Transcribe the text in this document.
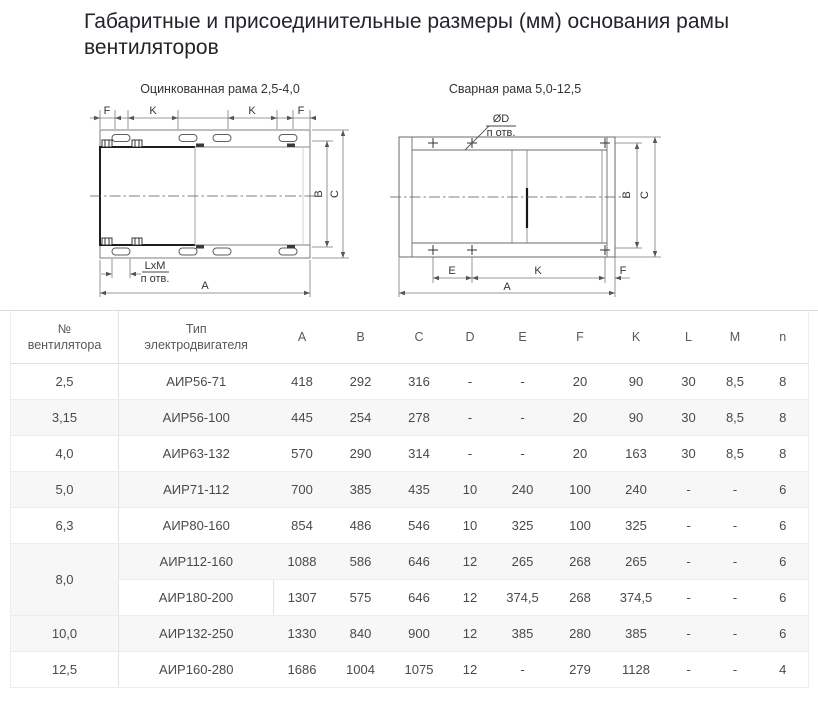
Габаритные и присоединительные размеры (мм) основания рамы вентиляторов
Оцинкованная рама 2,5-4,0	Сварная рама 5,0-12,5
F	K	K	F
B C
LxM
п отв.
A
ØD
п отв.
E	K	F
B C
A
№
вентилятора

Тип
электродвигателя
	A	B	C	D	E	F	K	L	M	n
2,5	АИР56-71	418	292	316	-	-	20	90	30	8,5	8
3,15	АИР56-100	445	254	278	-	-	20	90	30	8,5	8
4,0	АИР63-132	570	290	314	-	-	20	163	30	8,5	8
5,0	АИР71-112	700	385	435	10	240	100	240	-	-	6
6,3	АИР80-160	854	486	546	10	325	100	325	-	-	6
8,0	АИР112-160	1088	586	646	12	265	268	265	-	-	6
	АИР180-200	1307	575	646	12	374,5	268	374,5	-	-	6
10,0	АИР132-250	1330	840	900	12	385	280	385	-	-	6
12,5	АИР160-280	1686	1004	1075	12	-	279	1128	-	-	4
